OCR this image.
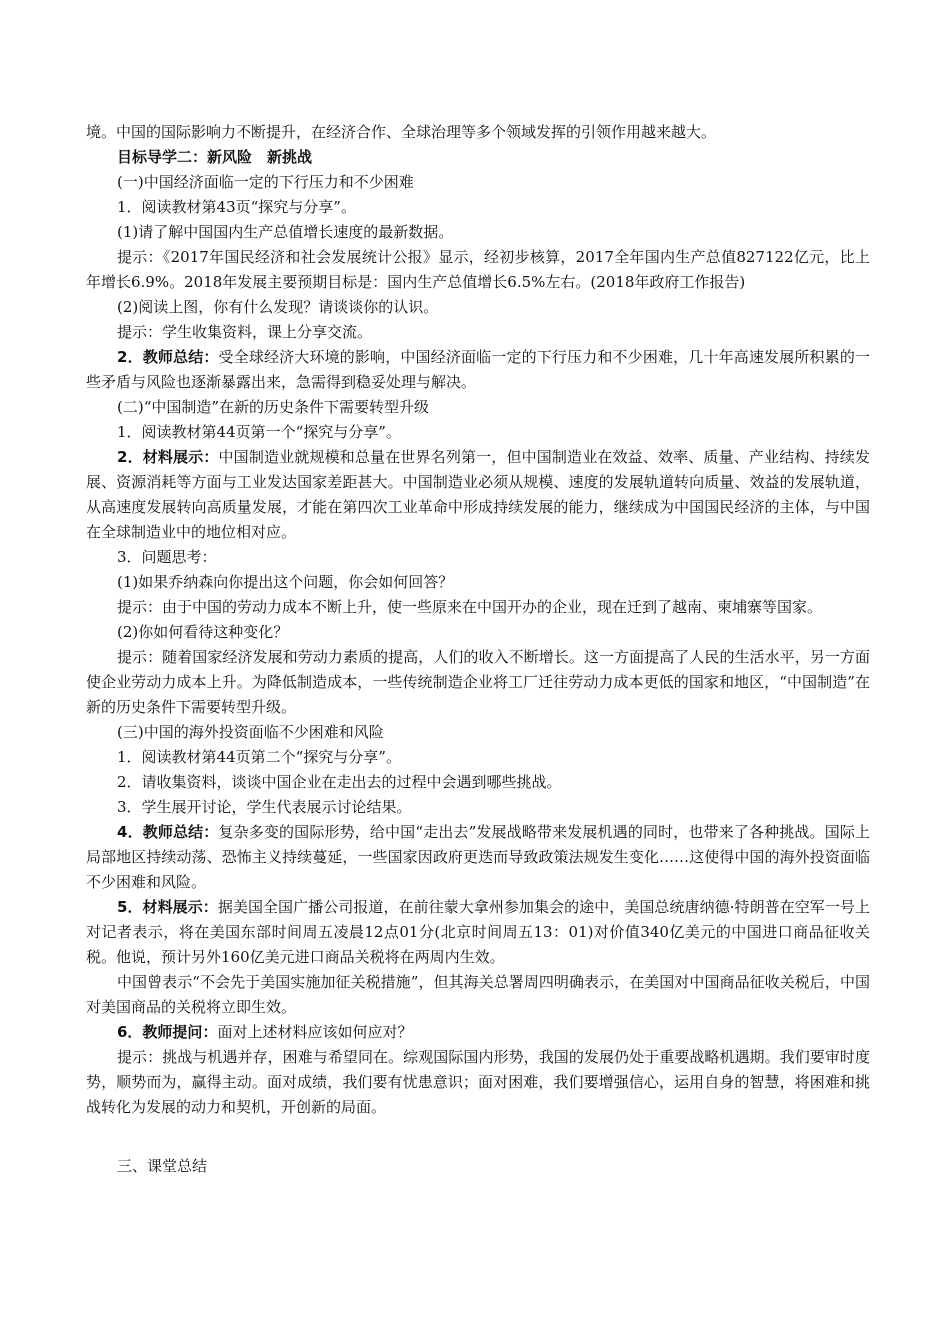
境。中国的国际影响力不断提升，在经济合作、全球治理等多个领域发挥的引领作用越来越大。

目标导学二：新风险　新挑战

(一)中国经济面临一定的下行压力和不少困难

1．阅读教材第43页“探究与分享”。

(1)请了解中国国内生产总值增长速度的最新数据。

提示：《2017年国民经济和社会发展统计公报》显示，经初步核算，2017全年国内生产总值827122亿元，比上年增长6.9%。2018年发展主要预期目标是：国内生产总值增长6.5%左右。(2018年政府工作报告)

(2)阅读上图，你有什么发现？请谈谈你的认识。

提示：学生收集资料，课上分享交流。

2．教师总结：受全球经济大环境的影响，中国经济面临一定的下行压力和不少困难，几十年高速发展所积累的一些矛盾与风险也逐渐暴露出来，急需得到稳妥处理与解决。

(二)“中国制造”在新的历史条件下需要转型升级

1．阅读教材第44页第一个“探究与分享”。

2．材料展示：中国制造业就规模和总量在世界名列第一，但中国制造业在效益、效率、质量、产业结构、持续发展、资源消耗等方面与工业发达国家差距甚大。中国制造业必须从规模、速度的发展轨道转向质量、效益的发展轨道，从高速度发展转向高质量发展，才能在第四次工业革命中形成持续发展的能力，继续成为中国国民经济的主体，与中国在全球制造业中的地位相对应。

3．问题思考：

(1)如果乔纳森向你提出这个问题，你会如何回答？

提示：由于中国的劳动力成本不断上升，使一些原来在中国开办的企业，现在迁到了越南、柬埔寨等国家。

(2)你如何看待这种变化？

提示：随着国家经济发展和劳动力素质的提高，人们的收入不断增长。这一方面提高了人民的生活水平，另一方面使企业劳动力成本上升。为降低制造成本，一些传统制造企业将工厂迁往劳动力成本更低的国家和地区，“中国制造”在新的历史条件下需要转型升级。

(三)中国的海外投资面临不少困难和风险

1．阅读教材第44页第二个“探究与分享”。

2．请收集资料，谈谈中国企业在走出去的过程中会遇到哪些挑战。

3．学生展开讨论，学生代表展示讨论结果。

4．教师总结：复杂多变的国际形势，给中国“走出去”发展战略带来发展机遇的同时，也带来了各种挑战。国际上局部地区持续动荡、恐怖主义持续蔓延，一些国家因政府更迭而导致政策法规发生变化……这使得中国的海外投资面临不少困难和风险。

5．材料展示：据美国全国广播公司报道，在前往蒙大拿州参加集会的途中，美国总统唐纳德·特朗普在空军一号上对记者表示，将在美国东部时间周五凌晨12点01分(北京时间周五13：01)对价值340亿美元的中国进口商品征收关税。他说，预计另外160亿美元进口商品关税将在两周内生效。

中国曾表示“不会先于美国实施加征关税措施”，但其海关总署周四明确表示，在美国对中国商品征收关税后，中国对美国商品的关税将立即生效。

6．教师提问：面对上述材料应该如何应对？

提示：挑战与机遇并存，困难与希望同在。综观国际国内形势，我国的发展仍处于重要战略机遇期。我们要审时度势，顺势而为，赢得主动。面对成绩，我们要有忧患意识；面对困难，我们要增强信心，运用自身的智慧，将困难和挑战转化为发展的动力和契机，开创新的局面。

三、课堂总结
